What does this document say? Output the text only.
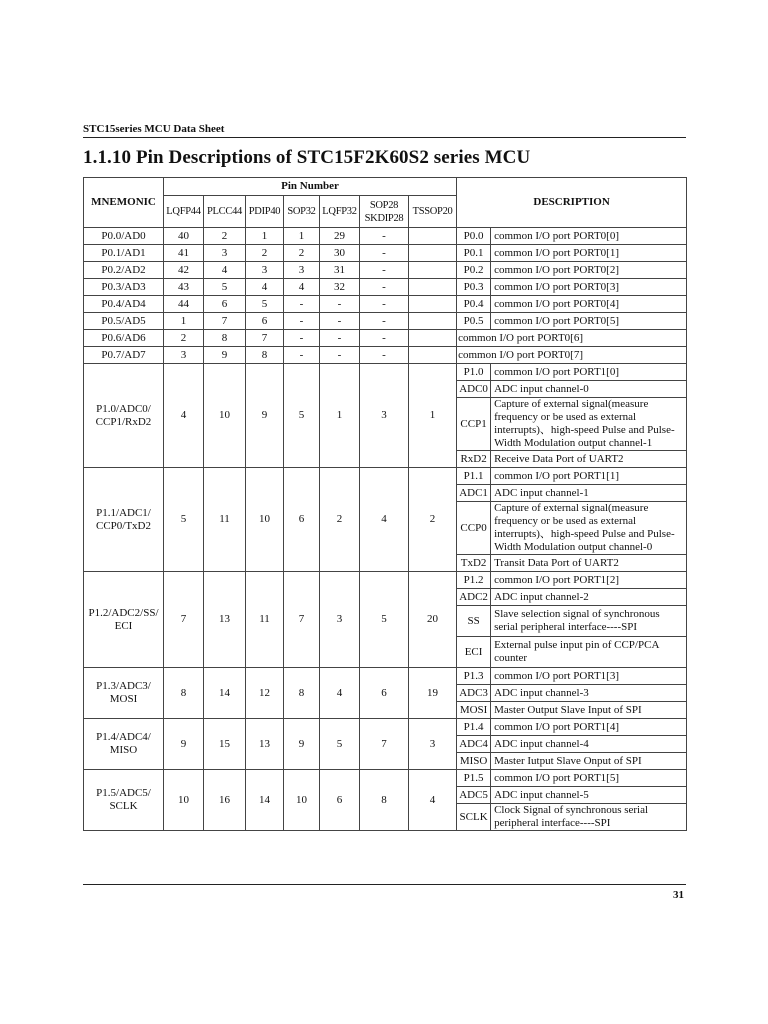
STC15series MCU Data Sheet
1.1.10 Pin Descriptions of STC15F2K60S2 series MCU
MNEMONIC	Pin Number							DESCRIPTION	
	LQFP44	PLCC44	PDIP40	SOP32	LQFP32	SOP28
SKDIP28	TSSOP20		
P0.0/AD0	40	2	1	1	29	-		P0.0	common I/O port PORT0[0]
P0.1/AD1	41	3	2	2	30	-		P0.1	common I/O port PORT0[1]
P0.2/AD2	42	4	3	3	31	-		P0.2	common I/O port PORT0[2]
P0.3/AD3	43	5	4	4	32	-		P0.3	common I/O port PORT0[3]
P0.4/AD4	44	6	5	-	-	-		P0.4	common I/O port PORT0[4]
P0.5/AD5	1	7	6	-	-	-		P0.5	common I/O port PORT0[5]
P0.6/AD6	2	8	7	-	-	-		common I/O port PORT0[6]	
P0.7/AD7	3	9	8	-	-	-		common I/O port PORT0[7]	
P1.0/ADC0/ CCP1/RxD2	4	10	9	5	1	3	1	P1.0	common I/O port PORT1[0]
								ADC0	ADC input channel-0
								CCP1	Capture of external signal(measure frequency or be used as external interrupts)、high-speed Pulse and Pulse-Width Modulation output channel-1
								RxD2	Receive Data Port of UART2
P1.1/ADC1/ CCP0/TxD2	5	11	10	6	2	4	2	P1.1	common I/O port PORT1[1]
								ADC1	ADC input channel-1
								CCP0	Capture of external signal(measure frequency or be used as external interrupts)、high-speed Pulse and Pulse-Width Modulation output channel-0
								TxD2	Transit Data Port of UART2
P1.2/ADC2/SS/ ECI	7	13	11	7	3	5	20	P1.2	common I/O port PORT1[2]
								ADC2	ADC input channel-2
								SS	Slave selection signal of synchronous serial peripheral interface----SPI
								ECI	External pulse input pin of CCP/PCA counter
P1.3/ADC3/ MOSI	8	14	12	8	4	6	19	P1.3	common I/O port PORT1[3]
								ADC3	ADC input channel-3
								MOSI	Master Output Slave Input of SPI
P1.4/ADC4/ MISO	9	15	13	9	5	7	3	P1.4	common I/O port PORT1[4]
								ADC4	ADC input channel-4
								MISO	Master Iutput Slave Onput of SPI
P1.5/ADC5/ SCLK	10	16	14	10	6	8	4	P1.5	common I/O port PORT1[5]
								ADC5	ADC input channel-5
								SCLK	Clock Signal of synchronous serial peripheral interface----SPI
31
